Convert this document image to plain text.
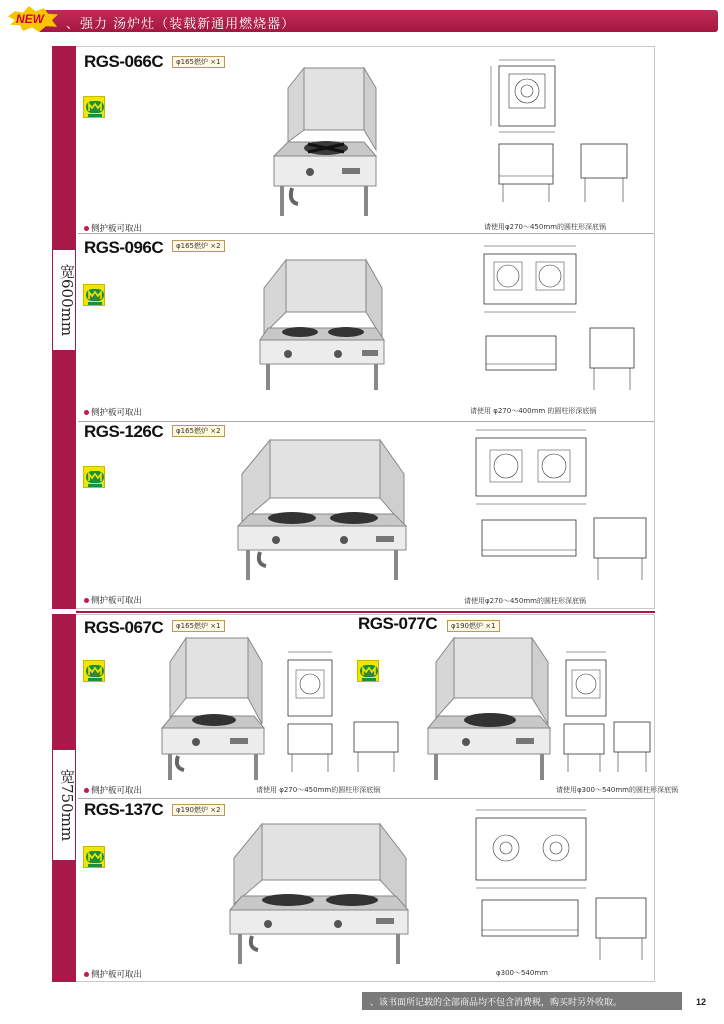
、强力 汤炉灶（装载新通用燃烧器）
NEW
宽600mm
宽750mm
RGS-066C	φ165燃炉 ×1
侧护板可取出	请使用φ270～450mm的圆柱形深底锅
RGS-096C	φ165燃炉 ×2
侧护板可取出	请使用 φ270～400mm 的圆柱形深底锅
RGS-126C	φ165燃炉 ×2
侧护板可取出	请使用φ270～450mm的圆柱形深底锅
RGS-067C	φ165燃炉 ×1
侧护板可取出	请使用 φ270～450mm的圆柱形深底锅
RGS-077C	φ190燃炉 ×1
请使用φ300～540mm的圆柱形深底锅
RGS-137C	φ190燃炉 ×2
侧护板可取出	φ300～540mm
、该书面所记载的全部商品均不包含消费税，购买时另外收取。	12
